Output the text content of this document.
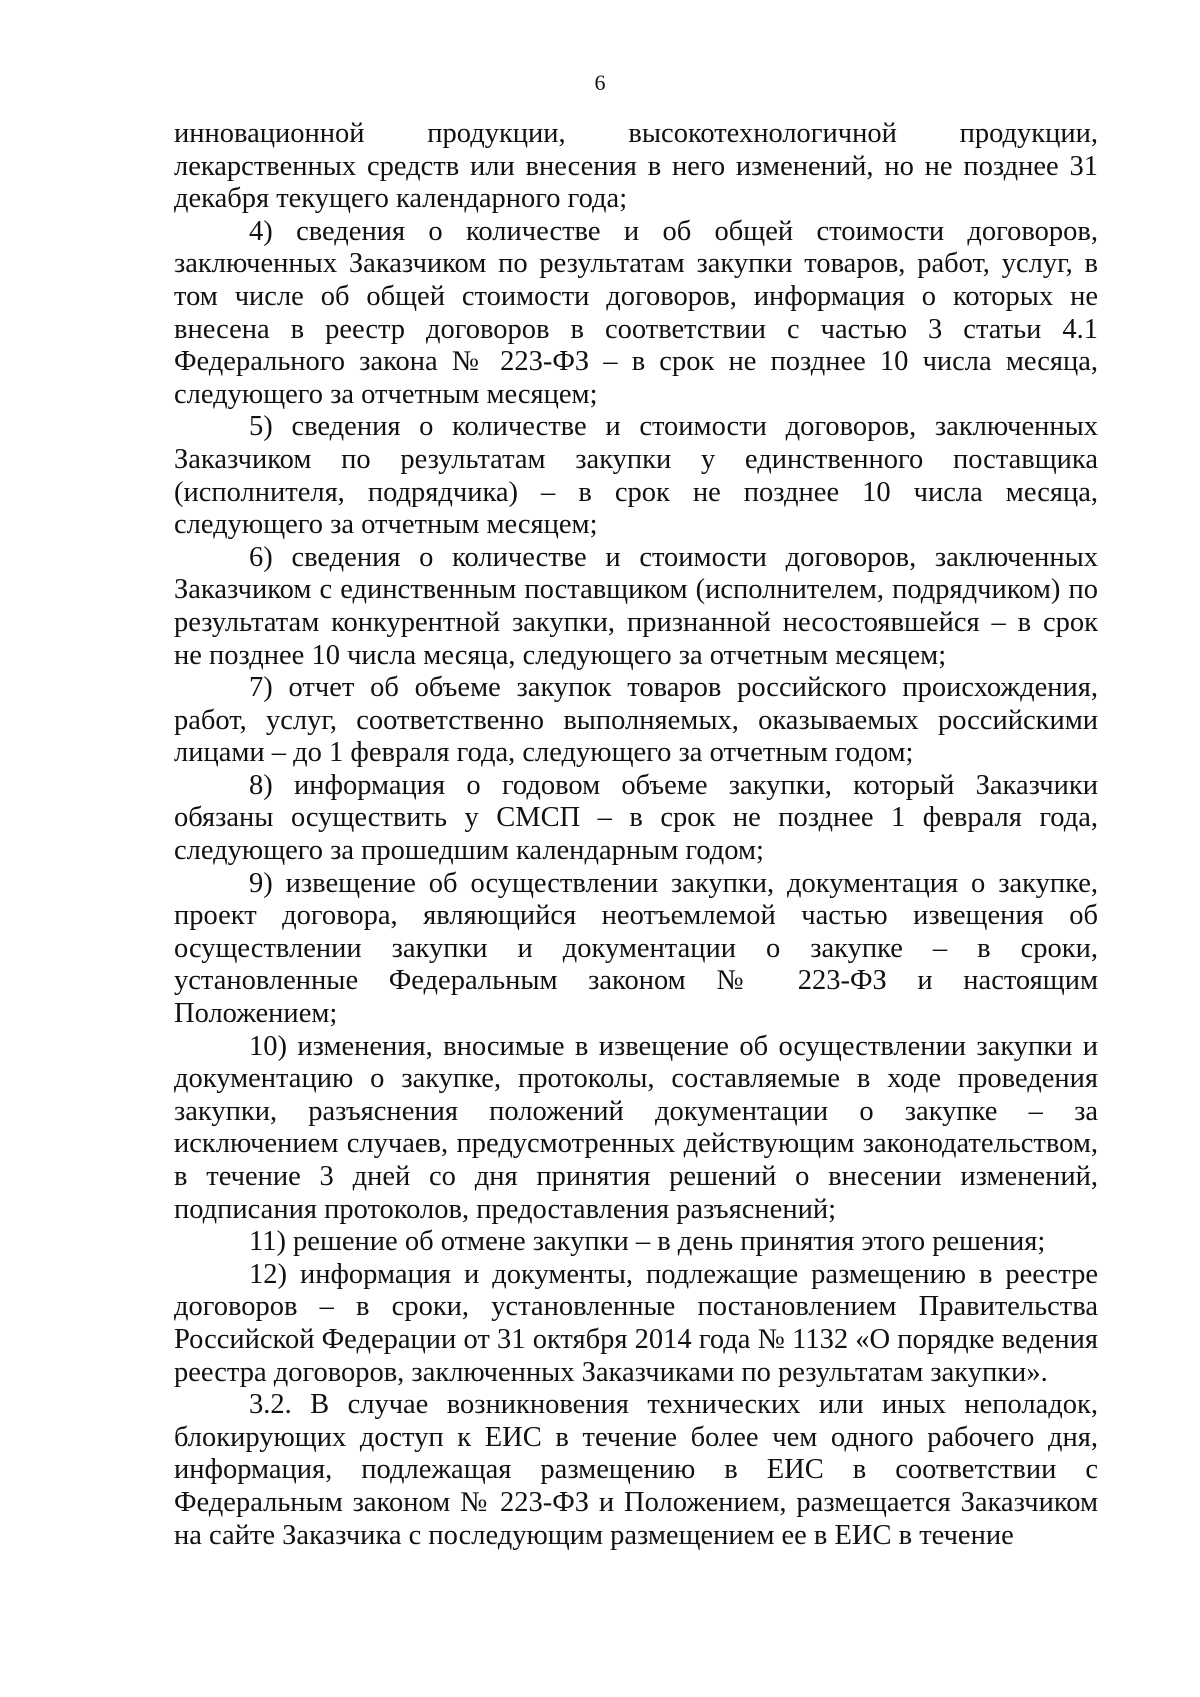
6

инновационной продукции, высокотехнологичной продукции, лекарственных средств или внесения в него изменений, но не позднее 31 декабря текущего календарного года;

4) сведения о количестве и об общей стоимости договоров, заключенных Заказчиком по результатам закупки товаров, работ, услуг, в том числе об общей стоимости договоров, информация о которых не внесена в реестр договоров в соответствии с частью 3 статьи 4.1 Федерального закона № 223-ФЗ – в срок не позднее 10 числа месяца, следующего за отчетным месяцем;

5) сведения о количестве и стоимости договоров, заключенных Заказчиком по результатам закупки у единственного поставщика (исполнителя, подрядчика) – в срок не позднее 10 числа месяца, следующего за отчетным месяцем;

6) сведения о количестве и стоимости договоров, заключенных Заказчиком с единственным поставщиком (исполнителем, подрядчиком) по результатам конкурентной закупки, признанной несостоявшейся – в срок не позднее 10 числа месяца, следующего за отчетным месяцем;

7) отчет об объеме закупок товаров российского происхождения, работ, услуг, соответственно выполняемых, оказываемых российскими лицами – до 1 февраля года, следующего за отчетным годом;

8) информация о годовом объеме закупки, который Заказчики обязаны осуществить у СМСП – в срок не позднее 1 февраля года, следующего за прошедшим календарным годом;

9) извещение об осуществлении закупки, документация о закупке, проект договора, являющийся неотъемлемой частью извещения об осуществлении закупки и документации о закупке – в сроки, установленные Федеральным законом № 223-ФЗ и настоящим Положением;

10) изменения, вносимые в извещение об осуществлении закупки и документацию о закупке, протоколы, составляемые в ходе проведения закупки, разъяснения положений документации о закупке – за исключением случаев, предусмотренных действующим законодательством, в течение 3 дней со дня принятия решений о внесении изменений, подписания протоколов, предоставления разъяснений;

11) решение об отмене закупки – в день принятия этого решения;

12) информация и документы, подлежащие размещению в реестре договоров – в сроки, установленные постановлением Правительства Российской Федерации от 31 октября 2014 года № 1132 «О порядке ведения реестра договоров, заключенных Заказчиками по результатам закупки».

3.2. В случае возникновения технических или иных неполадок, блокирующих доступ к ЕИС в течение более чем одного рабочего дня, информация, подлежащая размещению в ЕИС в соответствии с Федеральным законом № 223-ФЗ и Положением, размещается Заказчиком на сайте Заказчика с последующим размещением ее в ЕИС в течение
